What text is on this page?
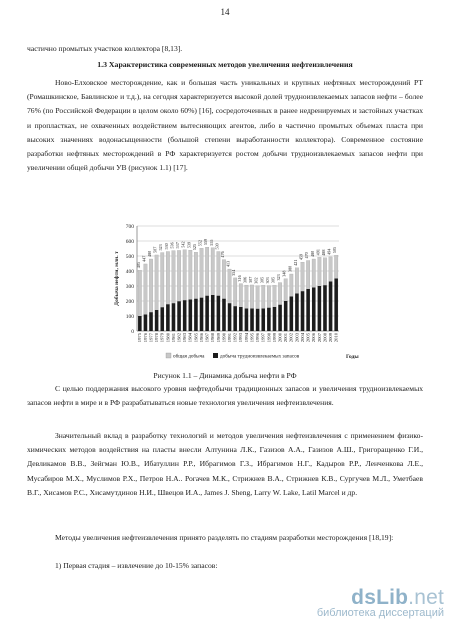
14
частично промытых участков коллектора [8,13].
1.3 Характеристика современных методов увеличения нефтеизвлечения
Ново-Елховское месторождение, как и большая часть уникальных и крупных нефтяных месторождений РТ (Ромашкинское, Бавлинское и т.д.), на сегодня характеризуется высокой долей трудноизвлекаемых запасов нефти – более 76% (по Российской Федерации в целом около 60%) [16], сосредоточенных в ранее недренируемых и застойных участках и пропластках, не охваченных воздействием вытесняющих агентов, либо в частично промытых объемах пласта при высоких значениях водонасыщенности (большой степени выработанности коллектора). Современное состояние разработки нефтяных месторождений в РФ характеризуется ростом добычи трудноизвлекаемых запасов нефти при увеличении общей добычи УВ (рисунок 1.1) [17].
0
100
200
300
400
500
600
700
405
1975
447
1976
480
1977
507
1978
523
1979
530
1980
536
1981
537
1982
542
1983
539
1984
525
1985
552
1986
559
1987
555
1988
530
1989
476
1990
413
1991
354
1992
316
1993
306
1994
307
1995
302
1996
305
1997
303
1998
305
1999
323
2000
348
2001
380
2002
421
2003
459
2004
470
2005
480
2006
491
2007
488
2008
494
2009
505
2010
Добыча нефти, млн. т
Годы
общая добыча	добыча трудноизвлекаемых запасов
Рисунок 1.1 – Динамика добыча нефти в РФ
С целью поддержания высокого уровня нефтедобычи традиционных запасов и увеличения трудноизвлекаемых запасов нефти в мире и в РФ разрабатываться новые технология увеличения нефтеизвлечения.
Значительный вклад в разработку технологий и методов увеличения нефтеизвлечения с применением физико-химических методов воздействия на пласты внесли Алтунина Л.К., Газизов А.А., Газизов А.Ш., Григоращенко Г.И., Девликамов В.В., Зейгман Ю.В., Ибатуллин Р.Р., Ибрагимов Г.З., Ибрагимов Н.Г., Кадыров Р.Р., Ленченкова Л.Е., Мусабиров М.Х., Муслимов Р.Х., Петров Н.А.. Рогачев М.К., Стрижнев В.А., Стрижнев К.В., Сургучев М.Л., Уметбаев В.Г., Хисамов Р.С., Хисамутдинов Н.И., Швецов И.А., James J. Sheng, Larry W. Lake, Latil Marcel и др.
Методы увеличения нефтеизвлечения принято разделять по стадиям разработки месторождения [18,19]:
1) Первая стадия – извлечение до 10-15% запасов:
dsLib.net
библиотека диссертаций
